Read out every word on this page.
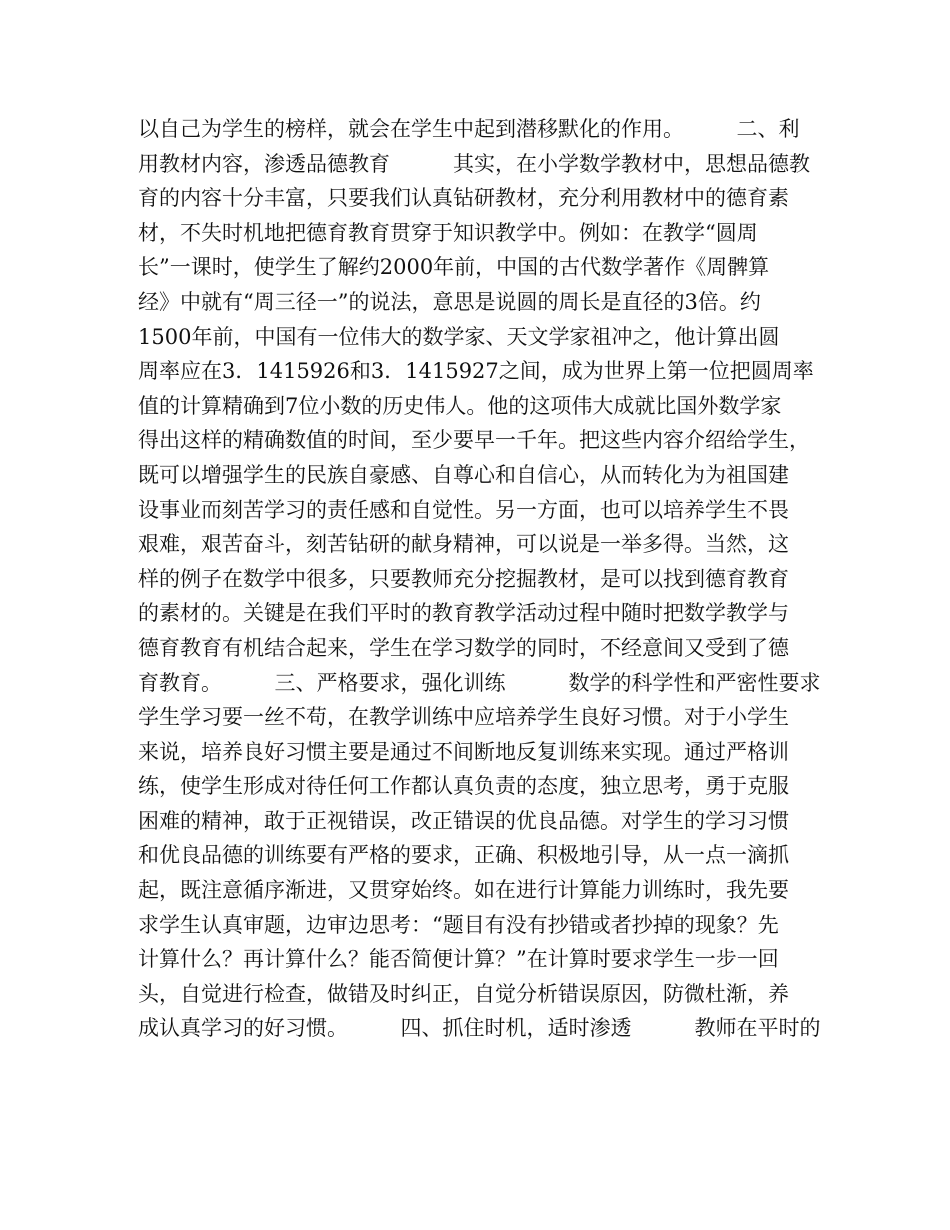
以自己为学生的榜样，就会在学生中起到潜移默化的作用。　　　二、利
用教材内容，渗透品德教育　　　其实，在小学数学教材中，思想品德教
育的内容十分丰富，只要我们认真钻研教材，充分利用教材中的德育素
材，不失时机地把德育教育贯穿于知识教学中。例如：在教学“圆周
长”一课时，使学生了解约2000年前，中国的古代数学著作《周髀算
经》中就有“周三径一”的说法，意思是说圆的周长是直径的3倍。约
1500年前，中国有一位伟大的数学家、天文学家祖冲之，他计算出圆
周率应在3．1415926和3．1415927之间，成为世界上第一位把圆周率
值的计算精确到7位小数的历史伟人。他的这项伟大成就比国外数学家
得出这样的精确数值的时间，至少要早一千年。把这些内容介绍给学生，
既可以增强学生的民族自豪感、自尊心和自信心，从而转化为为祖国建
设事业而刻苦学习的责任感和自觉性。另一方面，也可以培养学生不畏
艰难，艰苦奋斗，刻苦钻研的献身精神，可以说是一举多得。当然，这
样的例子在数学中很多，只要教师充分挖掘教材，是可以找到德育教育
的素材的。关键是在我们平时的教育教学活动过程中随时把数学教学与
德育教育有机结合起来，学生在学习数学的同时，不经意间又受到了德
育教育。　　　三、严格要求，强化训练　　　数学的科学性和严密性要求
学生学习要一丝不苟，在教学训练中应培养学生良好习惯。对于小学生
来说，培养良好习惯主要是通过不间断地反复训练来实现。通过严格训
练，使学生形成对待任何工作都认真负责的态度，独立思考，勇于克服
困难的精神，敢于正视错误，改正错误的优良品德。对学生的学习习惯
和优良品德的训练要有严格的要求，正确、积极地引导，从一点一滴抓
起，既注意循序渐进，又贯穿始终。如在进行计算能力训练时，我先要
求学生认真审题，边审边思考：“题目有没有抄错或者抄掉的现象？先
计算什么？再计算什么？能否简便计算？”在计算时要求学生一步一回
头，自觉进行检查，做错及时纠正，自觉分析错误原因，防微杜渐，养
成认真学习的好习惯。　　　四、抓住时机，适时渗透　　　教师在平时的
